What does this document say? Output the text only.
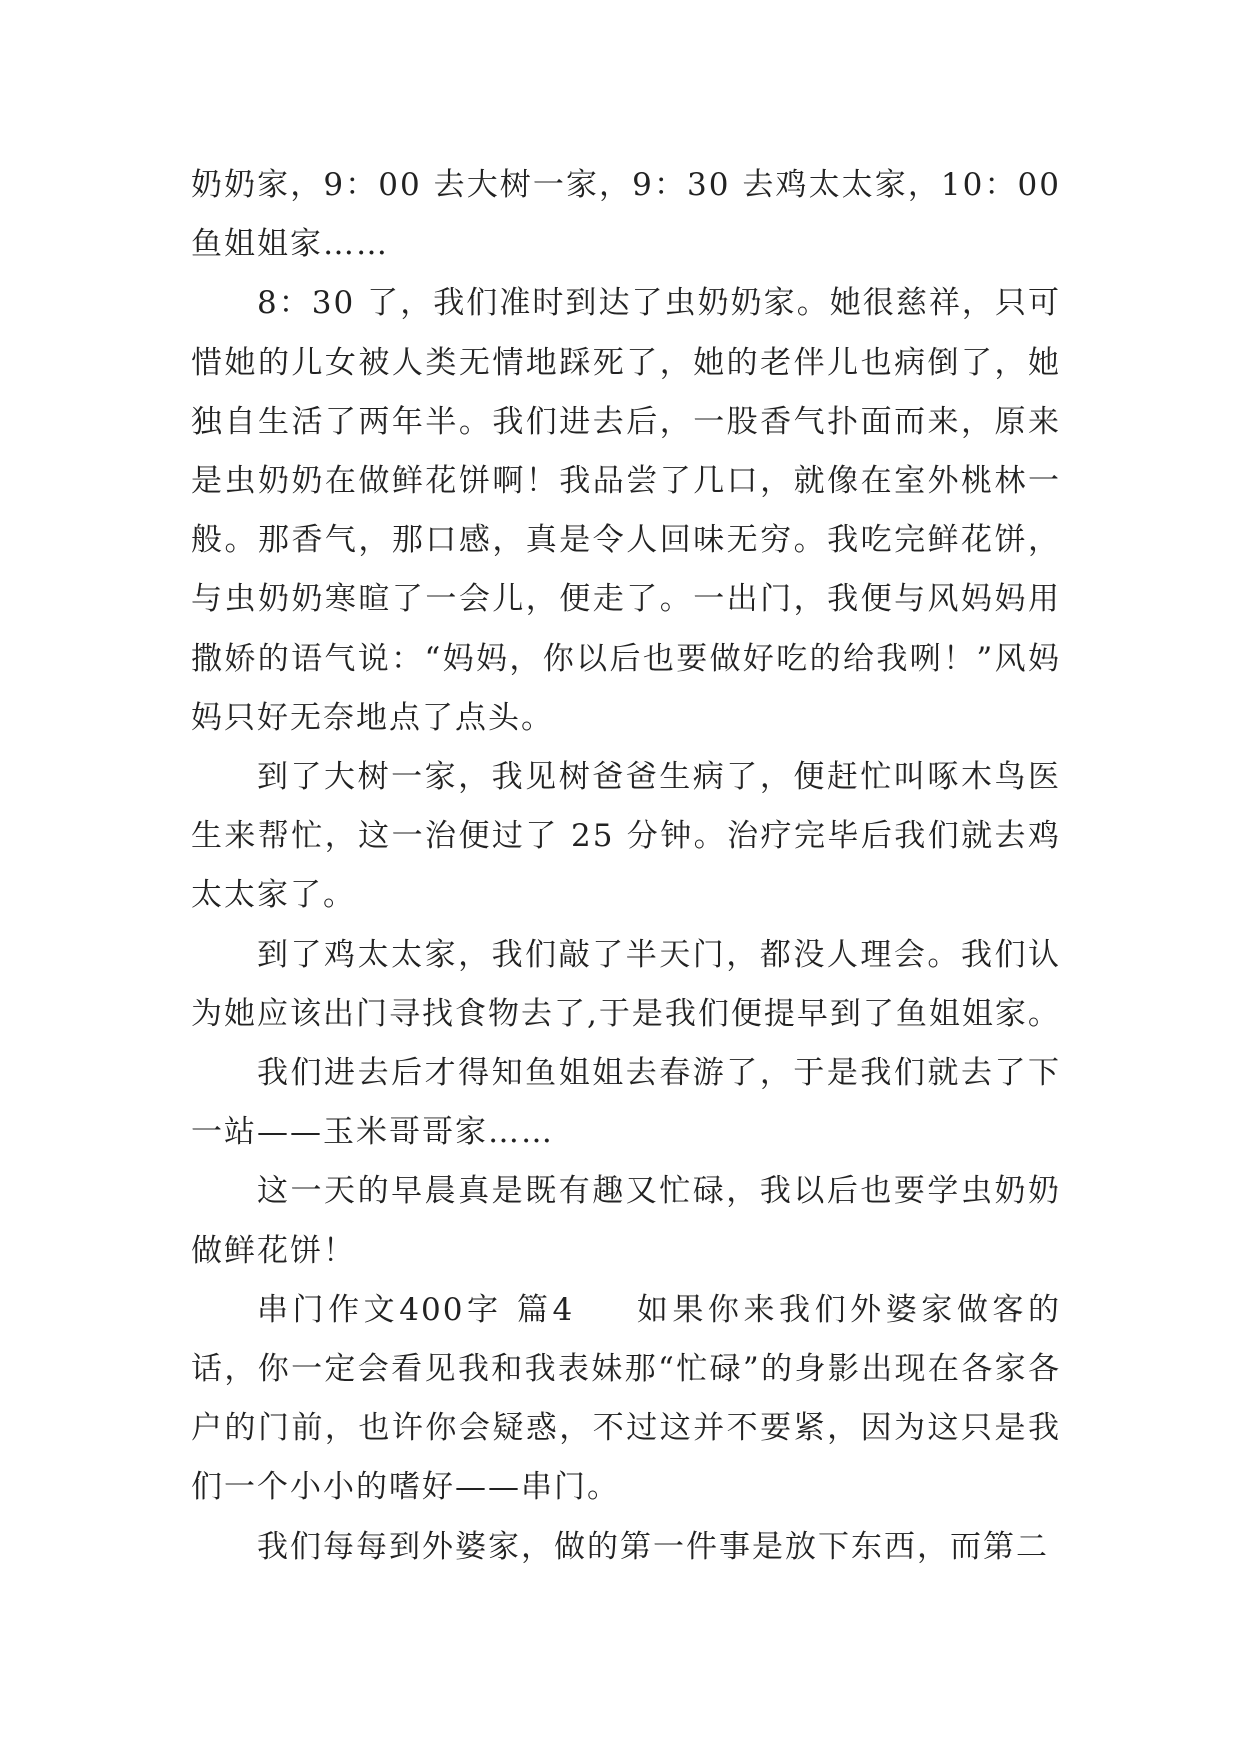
奶奶家，9：00 去大树一家，9：30 去鸡太太家，10：00 鱼姐姐家……

8：30 了，我们准时到达了虫奶奶家。她很慈祥，只可惜她的儿女被人类无情地踩死了，她的老伴儿也病倒了，她独自生活了两年半。我们进去后，一股香气扑面而来，原来是虫奶奶在做鲜花饼啊！我品尝了几口，就像在室外桃林一般。那香气，那口感，真是令人回味无穷。我吃完鲜花饼，与虫奶奶寒暄了一会儿，便走了。一出门，我便与风妈妈用撒娇的语气说：“妈妈，你以后也要做好吃的给我咧！”风妈妈只好无奈地点了点头。

到了大树一家，我见树爸爸生病了，便赶忙叫啄木鸟医生来帮忙，这一治便过了 25 分钟。治疗完毕后我们就去鸡太太家了。

到了鸡太太家，我们敲了半天门，都没人理会。我们认为她应该出门寻找食物去了,于是我们便提早到了鱼姐姐家。

我们进去后才得知鱼姐姐去春游了，于是我们就去了下一站——玉米哥哥家……

这一天的早晨真是既有趣又忙碌，我以后也要学虫奶奶做鲜花饼！

串门作文400字 篇4 如果你来我们外婆家做客的话，你一定会看见我和我表妹那“忙碌”的身影出现在各家各户的门前，也许你会疑惑，不过这并不要紧，因为这只是我们一个小小的嗜好——串门。

我们每每到外婆家，做的第一件事是放下东西，而第二
